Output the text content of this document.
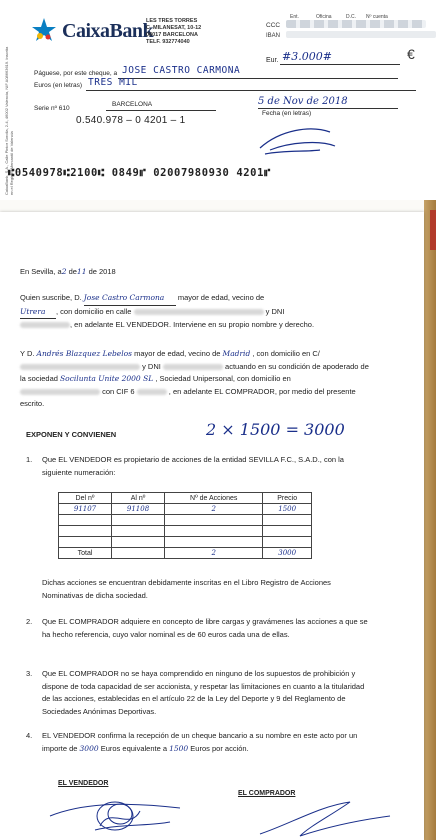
CaixaBank, S.A., Calle Pintor Sorolla, 2-4, 46002 Valencia, NIF A08663619. Inscrita en el Registro Mercantil de Valencia
CaixaBank
LES TRES TORRES
C. MILANESAT, 10-12
08017 BARCELONA
TELF. 932774040
Ent.	Oficina	D.C. Nº cuenta
CCC
IBAN
€
Eur. #3.000#
Páguese, por este cheque, a JOSE CASTRO CARMONA
Euros (en letras) TRES MIL
Serie nº 610
0.540.978 – 0 4201 – 1
BARCELONA	5 de Nov de 2018
Fecha (en letras)
⑆0540978⑆2100⑆ 0849⑈ 02007980930 4201⑈
En Sevilla, a2 de11 de 2018
Quien suscribe, D. Jose Castro Carmona mayor de edad, vecino de
Utrera , con domicilio en calle	y DNI
, en adelante EL VENDEDOR. Interviene en su propio nombre y derecho.
Y D. Andrés Blazquez Lebelos mayor de edad, vecino de Madrid , con domicilio en C/
y DNI	actuando en su condición de apoderado de la sociedad Socilunta Unite 2000 SL , Sociedad Unipersonal, con domicilio en  con CIF 6	, en adelante EL COMPRADOR, por medio del presente escrito.
EXPONEN Y CONVIENEN	2 × 1500 = 3000
1. Que EL VENDEDOR es propietario de acciones de la entidad SEVILLA F.C., S.A.D., con la siguiente numeración:
Del nº	Al nº	Nº de Acciones	Precio
91107	91108	2	1500

Total		2	3000
Dichas acciones se encuentran debidamente inscritas en el Libro Registro de Acciones Nominativas de dicha sociedad.
2. Que EL COMPRADOR adquiere en concepto de libre cargas y gravámenes las acciones a que se ha hecho referencia, cuyo valor nominal es de 60 euros cada una de ellas.
3. Que EL COMPRADOR no se haya comprendido en ninguno de los supuestos de prohibición y dispone de toda capacidad de ser accionista, y respetar las limitaciones en cuanto a la titularidad de las acciones, establecidas en el artículo 22 de la Ley del Deporte y 9 del Reglamento de Sociedades Anónimas Deportivas.
4. EL VENDEDOR confirma la recepción de un cheque bancario a su nombre en este acto por un importe de 3000 Euros equivalente a 1500 Euros por acción.
EL VENDEDOR
EL COMPRADOR
